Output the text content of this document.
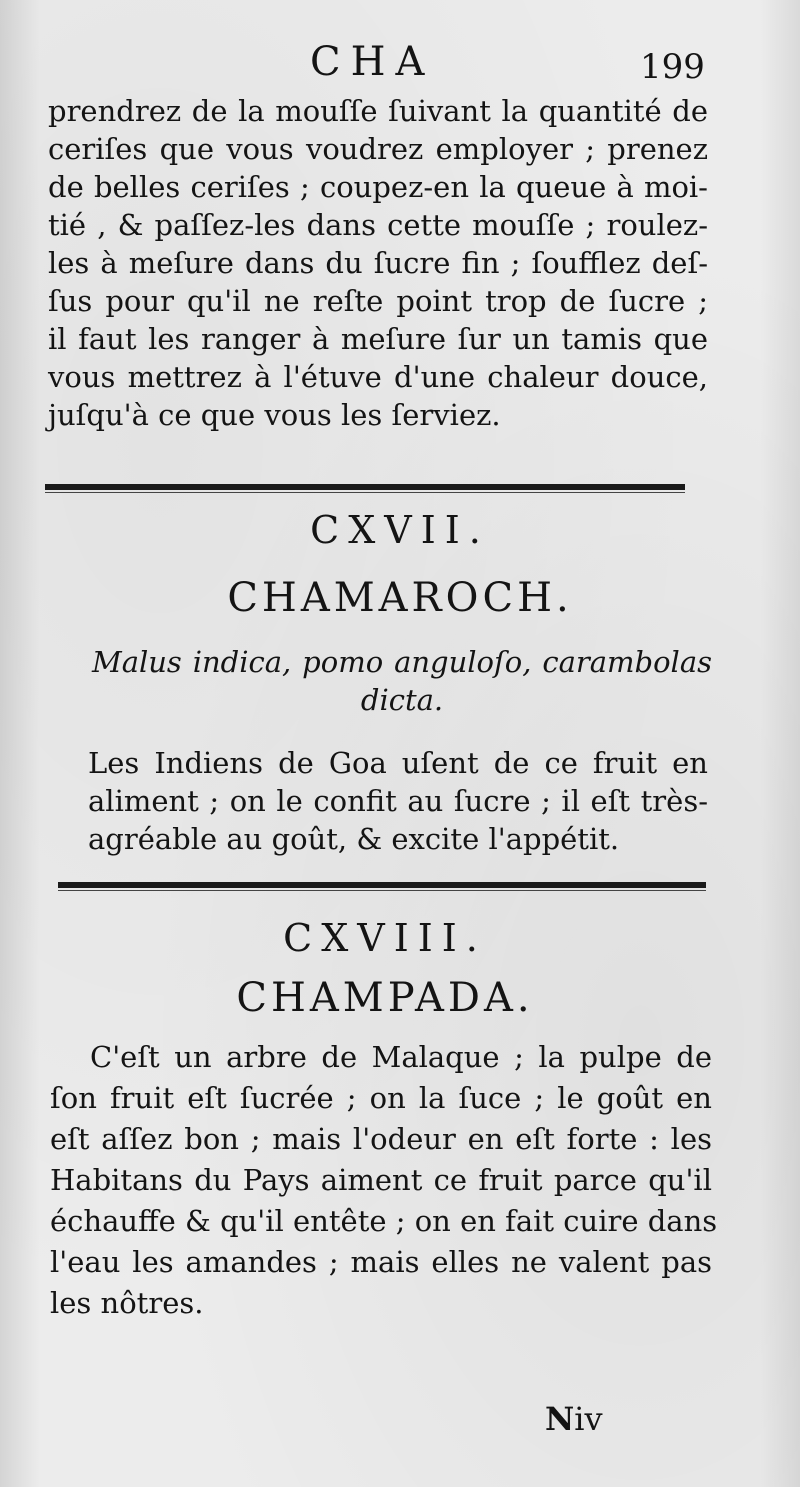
CHA	199
prendrez de la mouſſe ſuivant la quantité de
ceriſes que vous voudrez employer ; prenez
de belles ceriſes ; coupez-en la queue à moi-
tié , & paſſez-les dans cette mouſſe ; roulez-
les à meſure dans du ſucre fin ; ſoufflez deſ-
ſus pour qu'il ne reſte point trop de ſucre ;
il faut les ranger à meſure ſur un tamis que
vous mettrez à l'étuve d'une chaleur douce,
juſqu'à ce que vous les ſerviez.
CXVII.
CHAMAROCH.
Malus indica, pomo anguloſo, carambolas
dicta.
Les Indiens de Goa uſent de ce fruit en
aliment ; on le confit au ſucre ; il eſt très-
agréable au goût, & excite l'appétit.
CXVIII.
CHAMPADA.
C'eſt un arbre de Malaque ; la pulpe de
ſon fruit eſt ſucrée ; on la ſuce ; le goût en
eſt aſſez bon ; mais l'odeur en eſt forte : les
Habitans du Pays aiment ce fruit parce qu'il
échauffe & qu'il entête ; on en fait cuire dans
l'eau les amandes ; mais elles ne valent pas
les nôtres.
Niv
